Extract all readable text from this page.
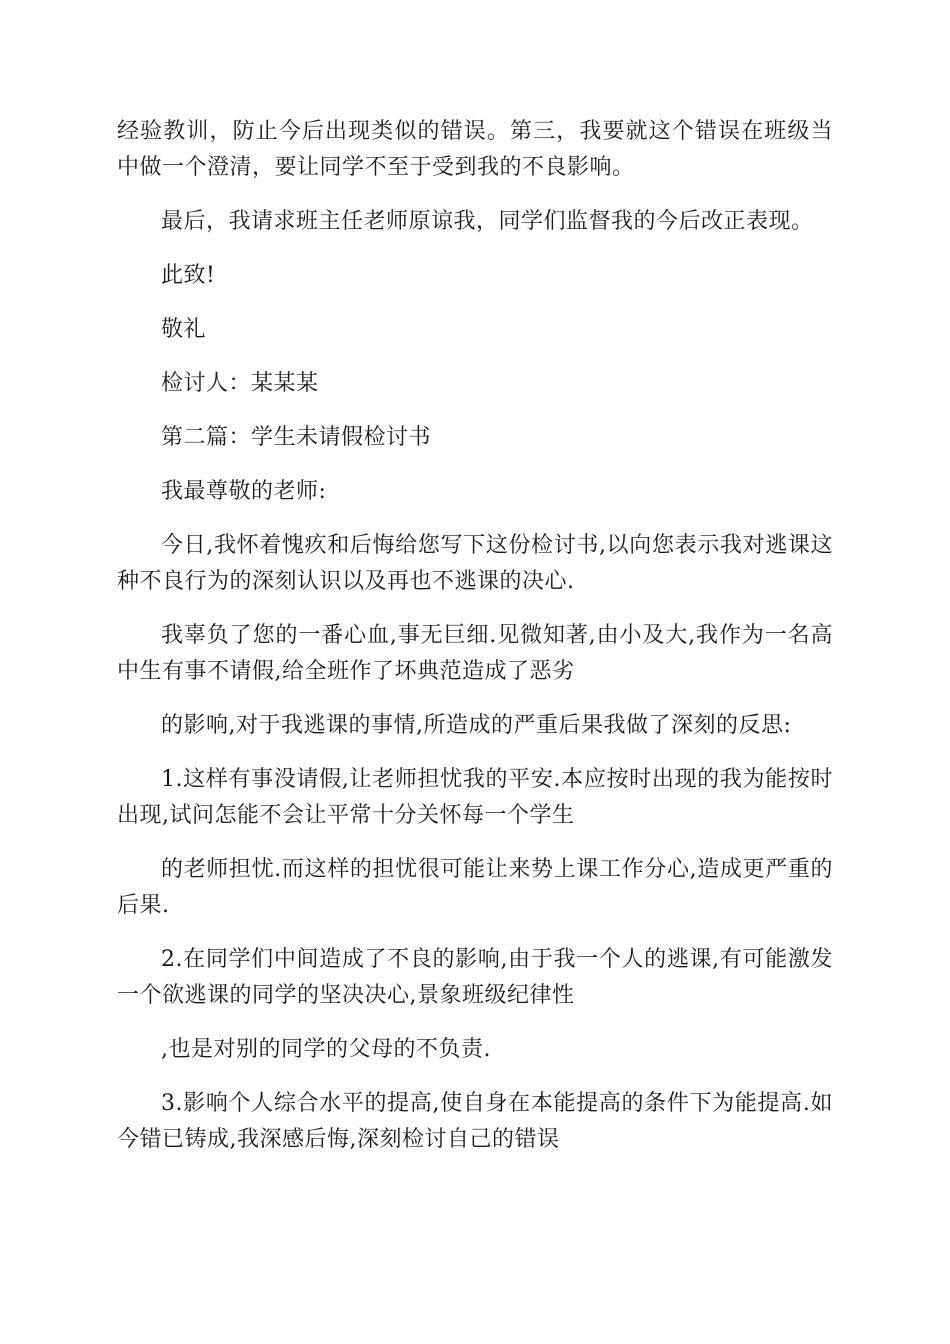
经验教训，防止今后出现类似的错误。第三，我要就这个错误在班级当中做一个澄清，要让同学不至于受到我的不良影响。

最后，我请求班主任老师原谅我，同学们监督我的今后改正表现。

此致!

敬礼

检讨人：某某某

第二篇：学生未请假检讨书

我最尊敬的老师:

今日,我怀着愧疚和后悔给您写下这份检讨书,以向您表示我对逃课这种不良行为的深刻认识以及再也不逃课的决心.

我辜负了您的一番心血,事无巨细.见微知著,由小及大,我作为一名高中生有事不请假,给全班作了坏典范造成了恶劣

的影响,对于我逃课的事情,所造成的严重后果我做了深刻的反思:

1.这样有事没请假,让老师担忧我的平安.本应按时出现的我为能按时出现,试问怎能不会让平常十分关怀每一个学生

的老师担忧.而这样的担忧很可能让来势上课工作分心,造成更严重的后果.

2.在同学们中间造成了不良的影响,由于我一个人的逃课,有可能激发一个欲逃课的同学的坚决决心,景象班级纪律性

,也是对别的同学的父母的不负责.

3.影响个人综合水平的提高,使自身在本能提高的条件下为能提高.如今错已铸成,我深感后悔,深刻检讨自己的错误
